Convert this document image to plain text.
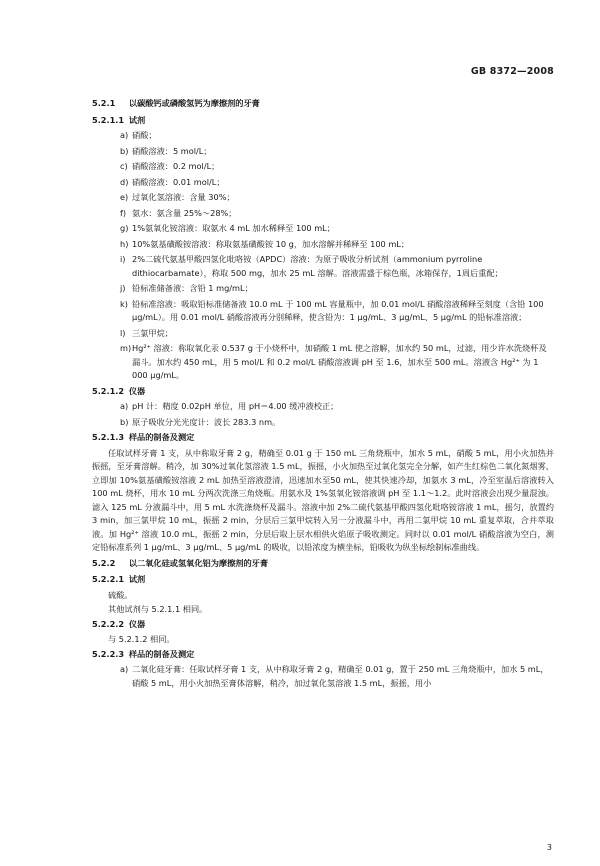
GB 8372—2008
5.2.1 以碳酸钙或磷酸氢钙为摩擦剂的牙膏
5.2.1.1 试剂
a) 硝酸；
b) 硝酸溶液：5 mol/L；
c) 硝酸溶液：0.2 mol/L；
d) 硝酸溶液：0.01 mol/L；
e) 过氧化氢溶液：含量 30%；
f) 氨水：氨含量 25%～28%；
g) 1%氨氧化铵溶液：取氨水 4 mL 加水稀释至 100 mL；
h) 10%氨基磺酸铵溶液：称取氨基磺酸铵 10 g，加水溶解并稀释至 100 mL；
i) 2%二硫代氨基甲酸四氢化吡咯铵（APDC）溶液：为原子吸收分析试剂（ammonium pyrroline dithiocarbamate），称取 500 mg，加水 25 mL 溶解。溶液需盛于棕色瓶，冰箱保存，1周后重配；
j) 铅标准储备液：含铅 1 mg/mL；
k) 铅标准溶液：吸取铅标准储备液 10.0 mL 于 100 mL 容量瓶中，加 0.01 mol/L 硝酸溶液稀释至刻度（含铅 100 μg/mL）。用 0.01 mol/L 硝酸溶液再分别稀释，使含铅为：1 μg/mL、3 μg/mL、5 μg/mL 的铅标准溶液；
l) 三氯甲烷；
m) Hg²⁺ 溶液：称取氧化汞 0.537 g 于小烧杯中，加硝酸 1 mL 使之溶解，加水约 50 mL，过滤，用少许水洗烧杯及漏斗。加水约 450 mL，用 5 mol/L 和 0.2 mol/L 硝酸溶液调 pH 至 1.6，加水至 500 mL。溶液含 Hg²⁺ 为 1 000 μg/mL。
5.2.1.2 仪器
a) pH 计：精度 0.02pH 单位，用 pH＝4.00 缓冲液校正；
b) 原子吸收分光光度计：波长 283.3 nm。
5.2.1.3 样品的制备及测定
任取试样牙膏 1 支，从中称取牙膏 2 g，精确至 0.01 g 于 150 mL 三角烧瓶中，加水 5 mL，硝酸 5 mL，用小火加热并振摇，至牙膏溶解。稍冷，加 30%过氧化氢溶液 1.5 mL，振摇，小火加热至过氧化氢完全分解，如产生红棕色二氧化氮烟雾，立即加 10%氨基磺酸铵溶液 2 mL 加热至溶液澄清，迅速加水至50 mL，使其快速冷却，加氨水 3 mL，冷至室温后溶液转入 100 mL 烧杯，用水 10 mL 分两次洗涤三角烧瓶。用氨水及 1%氢氧化铵溶液调 pH 至 1.1～1.2。此时溶液会出现少量混浊。滤入 125 mL 分液漏斗中，用 5 mL 水洗涤烧杯及漏斗。溶液中加 2%二硫代氨基甲酸四氢化吡咯铵溶液 1 mL，摇匀，放置约 3 min，加三氯甲烷 10 mL，振摇 2 min，分层后三氯甲烷转入另一分液漏斗中，再用二氯甲烷 10 mL 重复萃取，合并萃取液。加 Hg²⁺ 溶液 10.0 mL，振摇 2 min，分层后取上层水相供火焰原子吸收测定。同时以 0.01 mol/L 硝酸溶液为空白，测定铅标准系列 1 μg/mL、3 μg/mL、5 μg/mL 的吸收，以铅浓度为横坐标，铅吸收为纵坐标绘制标准曲线。
5.2.2 以二氧化硅或氢氧化铝为摩擦剂的牙膏
5.2.2.1 试剂
硫酸。
其他试剂与 5.2.1.1 相同。
5.2.2.2 仪器
与 5.2.1.2 相同。
5.2.2.3 样品的制备及测定
a) 二氧化硅牙膏：任取试样牙膏 1 支，从中称取牙膏 2 g，精确至 0.01 g，置于 250 mL 三角烧瓶中，加水 5 mL，硝酸 5 mL，用小火加热至膏体溶解，稍冷，加过氧化氢溶液 1.5 mL，振摇，用小
3
